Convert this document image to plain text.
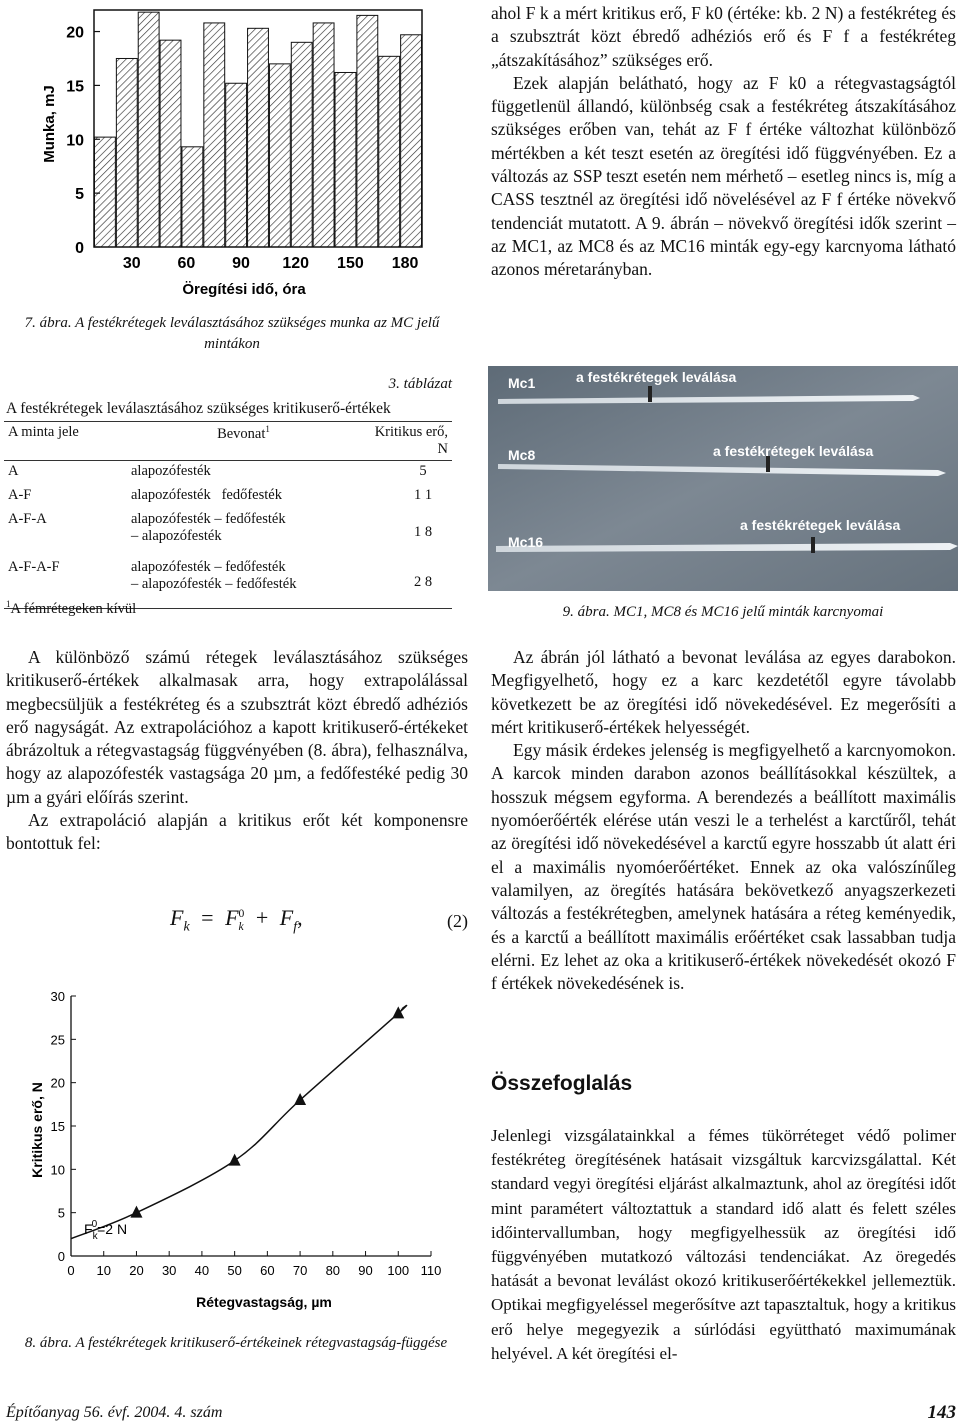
0
5
10
15
20
30 60 90 120 150 180
Munka, mJ
Öregítési idő, óra
7. ábra. A festékrétegek leválasztásához szükséges munka az MC jelű mintákon
3. táblázat
A festékrétegek leválasztásához szükséges kritikuserő-értékek
A minta jele	Bevonat$^1$	Kritikus erő, N
A	alapozófesték	5
A-F	alapozófesték   fedőfesték	1 1
A-F-A	alapozófesték – fedőfesték
– alapozófesték	1 8
A-F-A-F	alapozófesték – fedőfesték
– alapozófesték – fedőfesték	2 8
$^1$A fémrétegeken kívül

A különböző számú rétegek leválasztásához szükséges kritikuserő-értékek alkalmasak arra, hogy extrapolálással megbecsüljük a festékréteg és a szubsztrát közt ébredő adhéziós erő nagyságát. Az extrapolációhoz a kapott kritikuserő-értékeket ábrázoltuk a rétegvastagság függvényében (8. ábra), felhasználva, hogy az alapozófesték vastagsága 20 µm, a fedőfestéké pedig 30 µm a gyári előírás szerint.

Az extrapoláció alapján a kritikus erőt két komponensre bontottuk fel:

$F_k = F$ 0
$k + F_f$,	(2)
0
5
10
15
20
25
30
0 10 20 30 40 50 60 70 80 90 100 110
Kritikus erő, N
Rétegvastagság, µm
$F_k0=2$ N
8. ábra. A festékrétegek kritikuserő-értékeinek rétegvastagság-függése

ahol F k a mért kritikus erő, F k0 (értéke: kb. 2 N) a festékréteg és a szubsztrát közt ébredő adhéziós erő és F f a festékréteg „átszakításához” szükséges erő.

Ezek alapján belátható, hogy az F k0 a rétegvastagságtól függetlenül állandó, különbség csak a festékréteg átszakításához szükséges erőben van, tehát az F f értéke változhat különböző mértékben a két teszt esetén az öregítési idő függvényében. Ez a változás az SSP teszt esetén nem mérhető – esetleg nincs is, míg a CASS tesztnél az öregítési idő növelésével az F f értéke növekvő tendenciát mutatott. A 9. ábrán – növekvő öregítési idők szerint – az MC1, az MC8 és az MC16 minták egy-egy karcnyoma látható azonos méretarányban.

Mc1
Mc8
Mc16
a festékrétegek leválása
a festékrétegek leválása
a festékrétegek leválása
9. ábra. MC1, MC8 és MC16 jelű minták karcnyomai

Az ábrán jól látható a bevonat leválása az egyes darabokon. Megfigyelhető, hogy ez a karc kezdetétől egyre távolabb következett be az öregítési idő növekedésével. Ez megerősíti a mért kritikuserő-értékek helyességét.

Egy másik érdekes jelenség is megfigyelhető a karcnyomokon. A karcok minden darabon azonos beállításokkal készültek, a hosszuk mégsem egyforma. A berendezés a beállított maximális nyomóerőérték elérése után veszi le a terhelést a karctűről, tehát az öregítési idő növekedésével a karctű egyre hosszabb út alatt éri el a maximális nyomóerőértéket. Ennek az oka valószínűleg valamilyen, az öregítés hatására bekövetkező anyagszerkezeti változás a festékrétegben, amelynek hatására a réteg keményedik, és a karctű a beállított maximális erőértéket csak lassabban tudja elérni. Ez lehet az oka a kritikuserő-értékek növekedését okozó F f értékek növekedésének is.

Összefoglalás

Jelenlegi vizsgálatainkkal a fémes tükörréteget védő polimer festékréteg öregítésének hatásait vizsgáltuk karcvizsgálattal. Két standard vegyi öregítési eljárást alkalmaztunk, ahol az öregítési időt mint paramétert változtattuk a standard idő alatt és felett széles időintervallumban, hogy megfigyelhessük az öregítési idő függvényében mutatkozó változási tendenciákat. Az öregedés hatását a bevonat leválást okozó kritikuserőértékekkel jellemeztük. Optikai megfigyeléssel megerősítve azt tapasztaltuk, hogy a kritikus erő helye megegyezik a súrlódási együttható maximumának helyével. A két öregítési el-

Építőanyag 56. évf. 2004. 4. szám	143
